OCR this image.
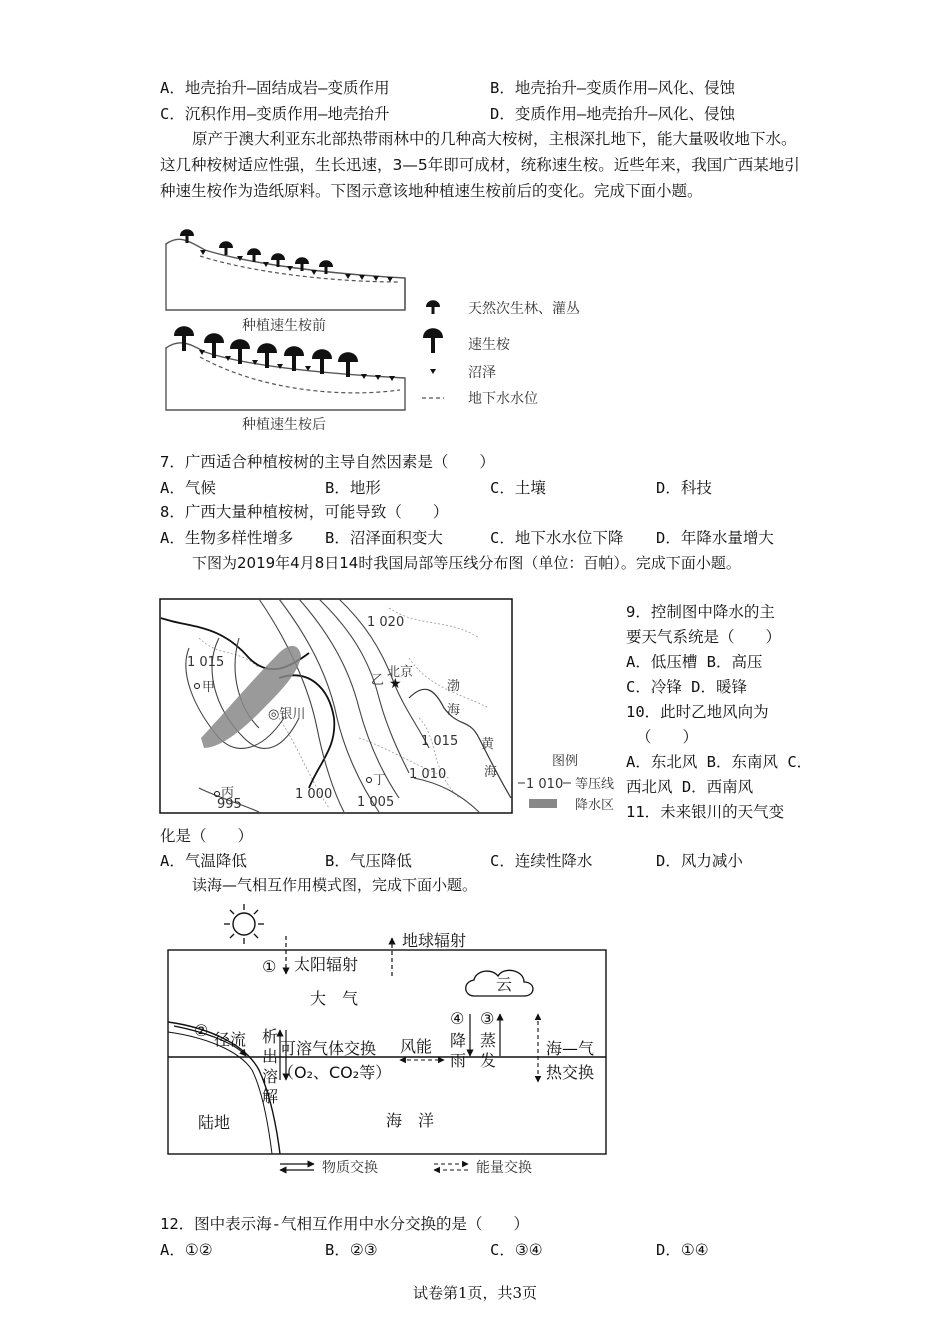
A．地壳抬升—固结成岩—变质作用	B．地壳抬升—变质作用—风化、侵蚀
C．沉积作用—变质作用—地壳抬升	D．变质作用—地壳抬升—风化、侵蚀
原产于澳大利亚东北部热带雨林中的几种高大桉树，主根深扎地下，能大量吸收地下水。这几种桉树适应性强，生长迅速，3—5年即可成材，统称速生桉。近些年来，我国广西某地引种速生桉作为造纸原料。下图示意该地种植速生桉前后的变化。完成下面小题。
种植速生桉前
种植速生桉后
天然次生林、灌丛
速生桉
沼泽
地下水水位
7．广西适合种植桉树的主导自然因素是（　　）
A．气候	B．地形	C．土壤	D．科技
8．广西大量种植桉树，可能导致（　　）
A．生物多样性增多 B．沼泽面积变大	C．地下水水位下降 D．年降水量增大
下图为2019年4月8日14时我国局部等压线分布图（单位：百帕）。完成下面小题。
1 020
1 015
1 015
1 010
1 005
1 000
995
甲
◎银川
乙 ★
北京
丙
丁
渤
海
黄
海
图例
1 010 等压线
降水区
9．控制图中降水的主
要天气系统是（　　）
A．低压槽 B．高压
C．冷锋 D．暖锋
10．此时乙地风向为
（　　）
A．东北风 B．东南风 C．
西北风 D．西南风
11．未来银川的天气变
化是（　　）
A．气温降低	B．气压降低	C．连续性降水	D．风力减小
读海—气相互作用模式图，完成下面小题。
① 太阳辐射
地球辐射
大　气
云
② 径流 析
出
溶
解
可溶气体交换
（O₂、CO₂等）
风能
④
降
雨
③
蒸
发
海—气
热交换
陆地	海　洋
物质交换	能量交换
12．图中表示海-气相互作用中水分交换的是（　　）
A．①②	B．②③	C．③④	D．①④
试卷第1页，共3页
